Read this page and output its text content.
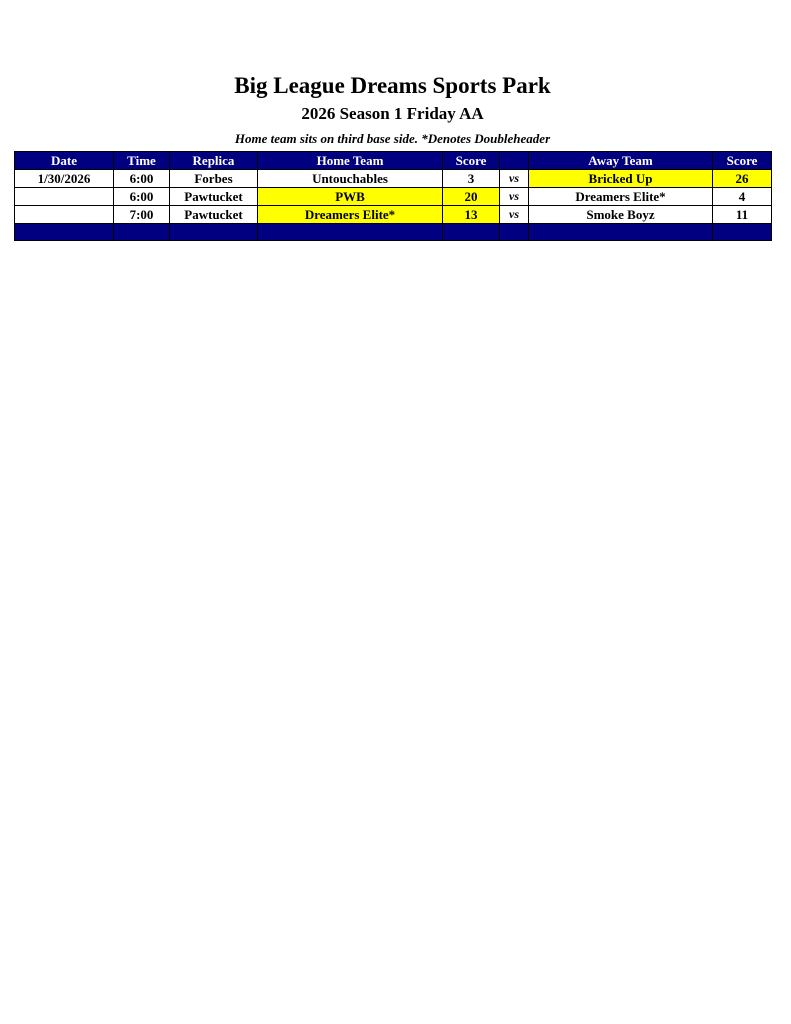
Big League Dreams Sports Park
2026 Season 1 Friday AA
Home team sits on third base side. *Denotes Doubleheader
Date	Time	Replica	Home Team	Score		Away Team	Score
1/30/2026	6:00	Forbes	Untouchables	3	vs	Bricked Up	26
	6:00	Pawtucket	PWB	20	vs	Dreamers Elite*	4
	7:00	Pawtucket	Dreamers Elite*	13	vs	Smoke Boyz	11
